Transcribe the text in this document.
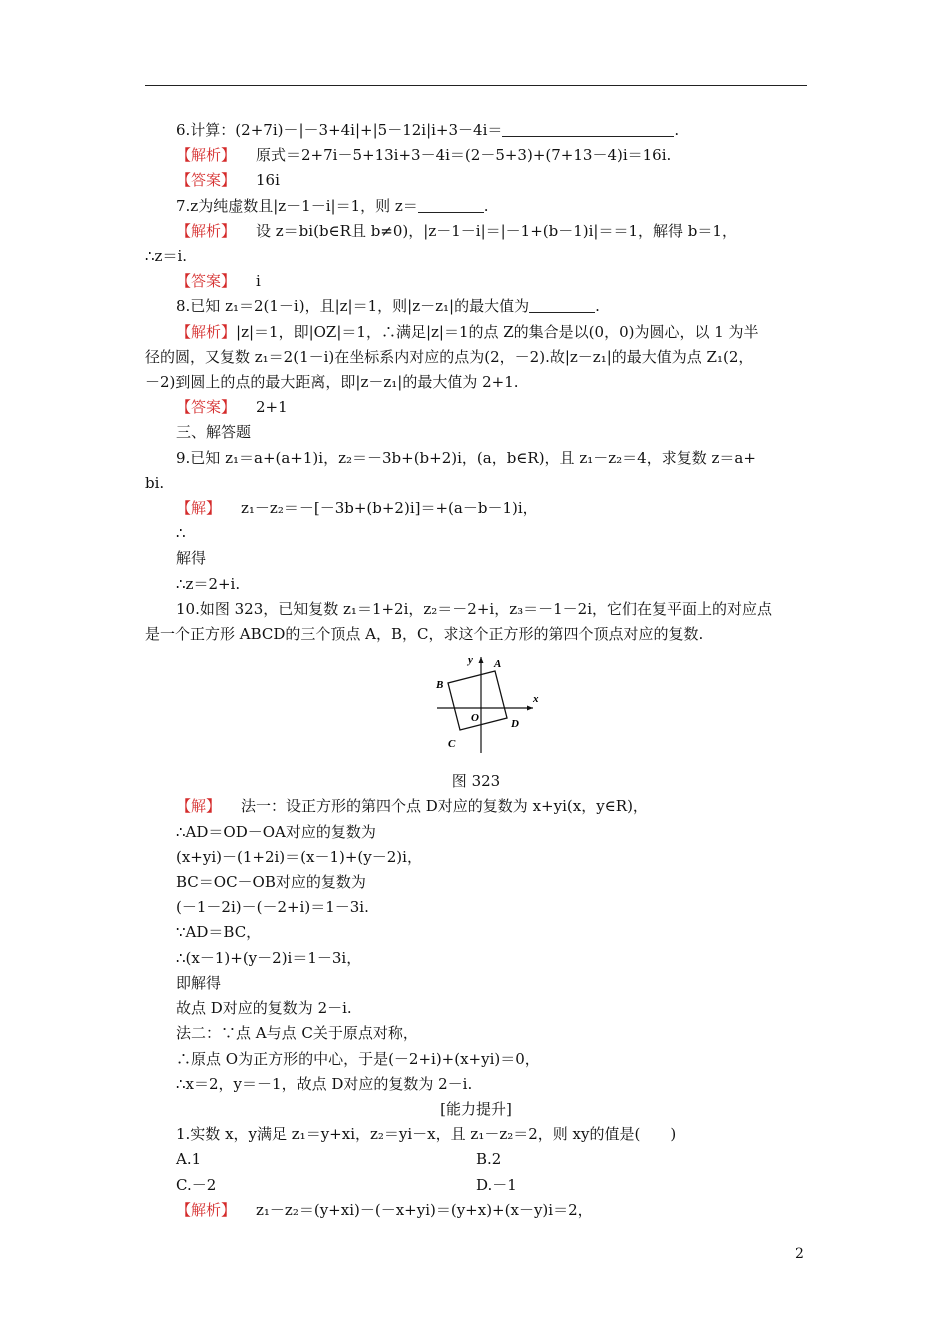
6.计算：(2+7i)－|－3+4i|+|5－12i|i+3－4i＝	.
【解析】 原式＝2+7i－5+13i+3－4i＝(2－5+3)+(7+13－4)i＝16i.
【答案】 16i
7.z为纯虚数且|z－1－i|＝1，则 z＝	.
【解析】 设 z＝bi(b∈R且 b≠0)，|z－1－i|＝|－1+(b－1)i|＝＝1，解得 b＝1，
∴z＝i.
【答案】 i
8.已知 z₁＝2(1－i)，且|z|＝1，则|z－z₁|的最大值为	.
【解析】|z|＝1，即|OZ|＝1，∴满足|z|＝1的点 Z的集合是以(0，0)为圆心，以 1 为半
径的圆，又复数 z₁＝2(1－i)在坐标系内对应的点为(2，－2).故|z－z₁|的最大值为点 Z₁(2，
－2)到圆上的点的最大距离，即|z－z₁|的最大值为 2+1.
【答案】 2+1
三、解答题
9.已知 z₁＝a+(a+1)i，z₂＝－3b+(b+2)i，(a，b∈R)，且 z₁－z₂＝4，求复数 z＝a+
bi.
【解】 z₁－z₂＝－[－3b+(b+2)i]＝+(a－b－1)i，
∴
解得
∴z＝2+i.
10.如图 323，已知复数 z₁＝1+2i，z₂＝－2+i，z₃＝－1－2i，它们在复平面上的对应点
是一个正方形 ABCD的三个顶点 A，B，C，求这个正方形的第四个顶点对应的复数.
y
x
O
A
B
C
D
图 323
【解】 法一：设正方形的第四个点 D对应的复数为 x+yi(x，y∈R)，
∴AD＝OD－OA对应的复数为
(x+yi)－(1+2i)＝(x－1)+(y－2)i，
BC＝OC－OB对应的复数为
(－1－2i)－(－2+i)＝1－3i.
∵AD＝BC，
∴(x－1)+(y－2)i＝1－3i，
即解得
故点 D对应的复数为 2－i.
法二：∵点 A与点 C关于原点对称，
∴原点 O为正方形的中心，于是(－2+i)+(x+yi)＝0，
∴x＝2，y＝－1，故点 D对应的复数为 2－i.
[能力提升]
1.实数 x，y满足 z₁＝y+xi，z₂＝yi－x，且 z₁－z₂＝2，则 xy的值是(　　)
A.1	B.2
C.－2	D.－1
【解析】 z₁－z₂＝(y+xi)－(－x+yi)＝(y+x)+(x－y)i＝2，
2
